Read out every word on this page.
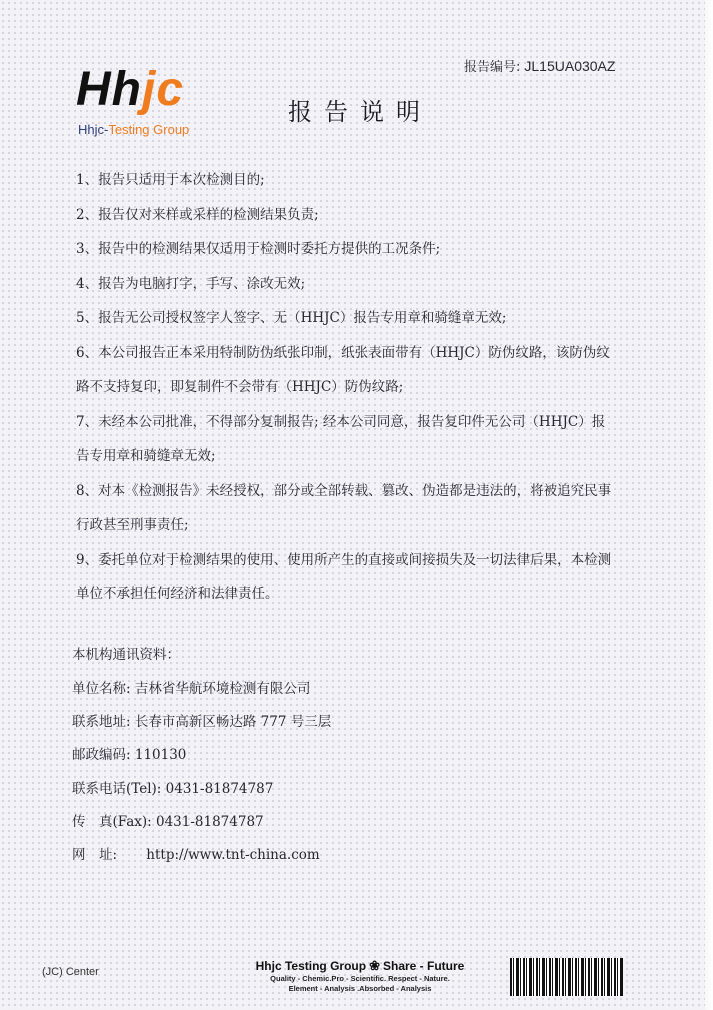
Hhjc
Hhjc-Testing Group
报告编号: JL15UA030AZ
报告说明

1、报告只适用于本次检测目的;

2、报告仅对来样或采样的检测结果负责;

3、报告中的检测结果仅适用于检测时委托方提供的工况条件;

4、报告为电脑打字，手写、涂改无效;

5、报告无公司授权签字人签字、无（HHJC）报告专用章和骑缝章无效;

6、本公司报告正本采用特制防伪纸张印制，纸张表面带有（HHJC）防伪纹路，该防伪纹
路不支持复印，即复制件不会带有（HHJC）防伪纹路;

7、未经本公司批准，不得部分复制报告; 经本公司同意，报告复印件无公司（HHJC）报
告专用章和骑缝章无效;

8、对本《检测报告》未经授权，部分或全部转载、篡改、伪造都是违法的，将被追究民事
行政甚至刑事责任;

9、委托单位对于检测结果的使用、使用所产生的直接或间接损失及一切法律后果，本检测
单位不承担任何经济和法律责任。

本机构通讯资料：
单位名称: 吉林省华航环境检测有限公司
联系地址: 长春市高新区畅达路 777 号三层
邮政编码: 110130
联系电话(Tel): 0431-81874787
传　真(Fax): 0431-81874787
网　址: http://www.tnt-china.com
(JC) Center	Hhjc Testing Group ❀ Share - Future
Quality - Chemic.Pro - Scientific. Respect - Nature.
Element - Analysis .Absorbed - Analysis
